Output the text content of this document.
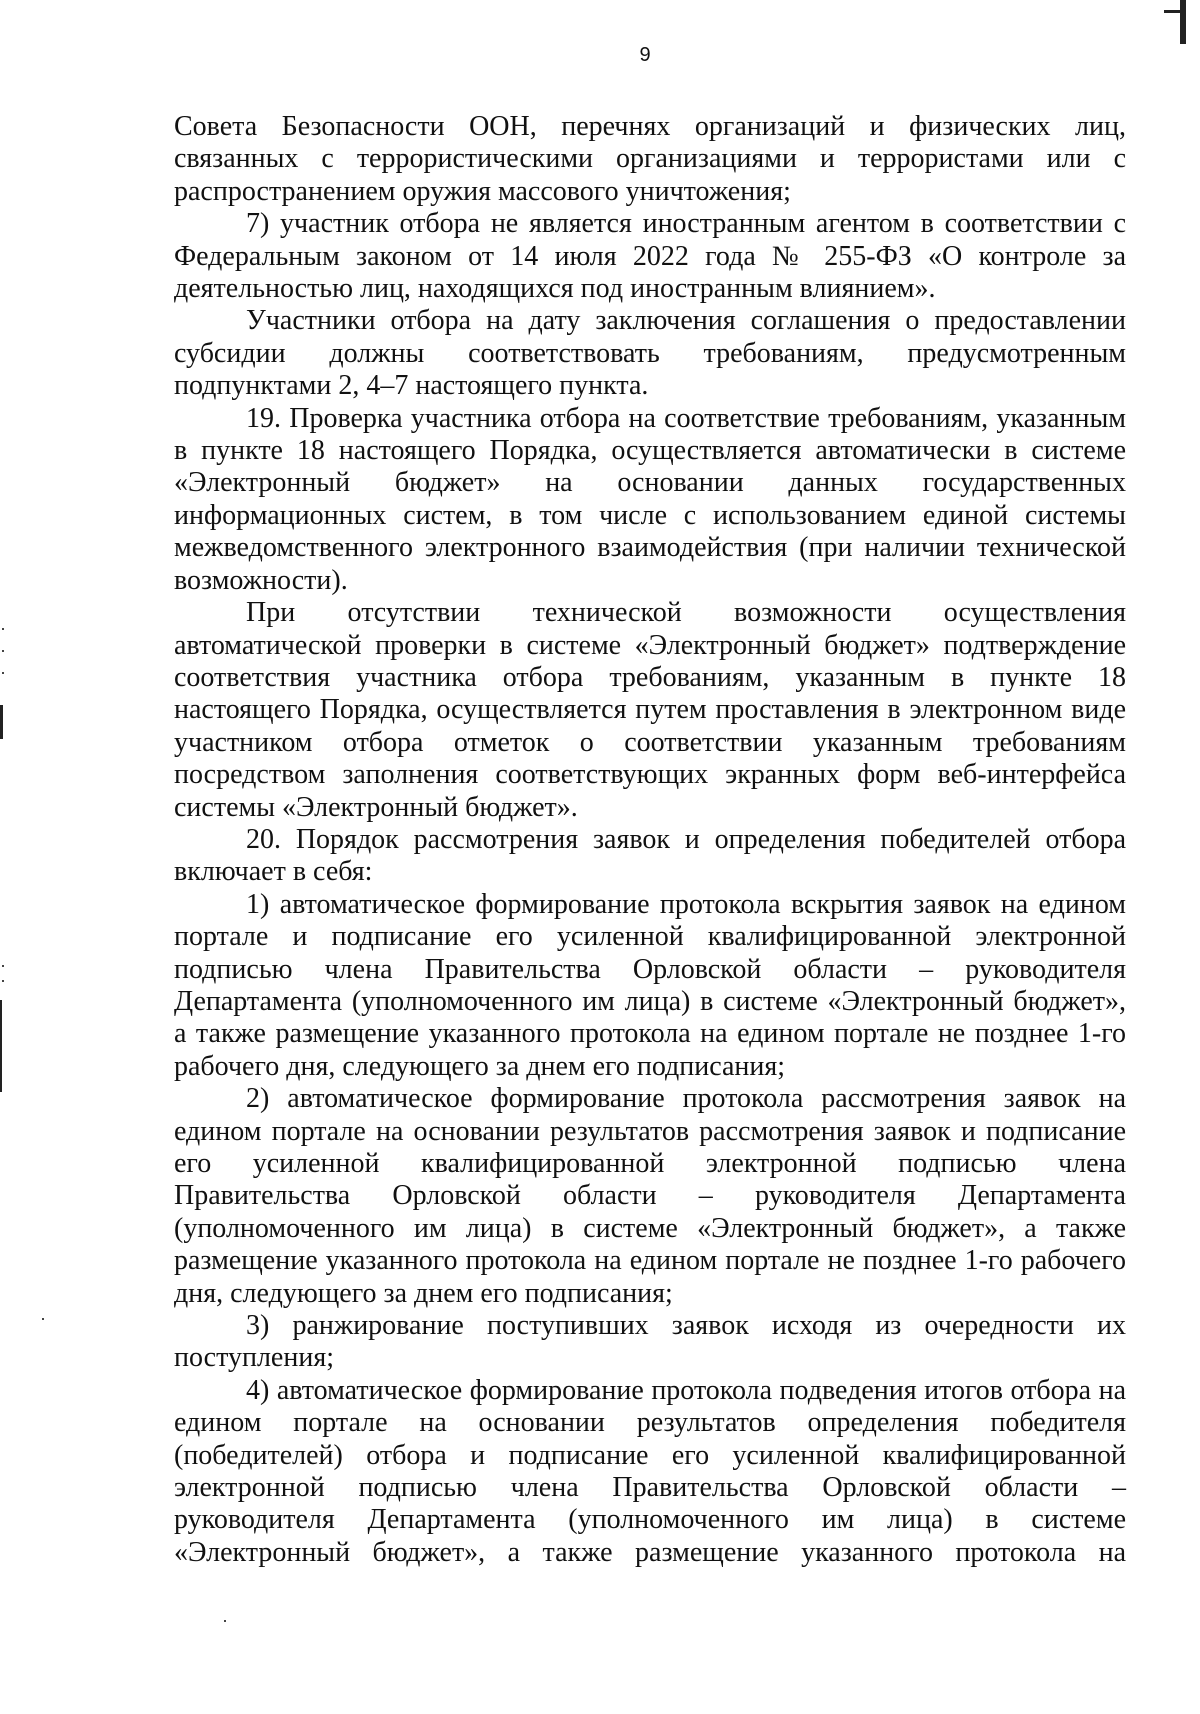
9

Совета Безопасности ООН, перечнях организаций и физических лиц, связанных с террористическими организациями и террористами или с распространением оружия массового уничтожения;

7) участник отбора не является иностранным агентом в соответствии с Федеральным законом от 14 июля 2022 года № 255-ФЗ «О контроле за деятельностью лиц, находящихся под иностранным влиянием».

Участники отбора на дату заключения соглашения о предоставлении субсидии должны соответствовать требованиям, предусмотренным подпунктами 2, 4–7 настоящего пункта.

19. Проверка участника отбора на соответствие требованиям, указанным в пункте 18 настоящего Порядка, осуществляется автоматически в системе «Электронный бюджет» на основании данных государственных информационных систем, в том числе с использованием единой системы межведомственного электронного взаимодействия (при наличии технической возможности).

При отсутствии технической возможности осуществления автоматической проверки в системе «Электронный бюджет» подтверждение соответствия участника отбора требованиям, указанным в пункте 18 настоящего Порядка, осуществляется путем проставления в электронном виде участником отбора отметок о соответствии указанным требованиям посредством заполнения соответствующих экранных форм веб-интерфейса системы «Электронный бюджет».

20. Порядок рассмотрения заявок и определения победителей отбора включает в себя:

1) автоматическое формирование протокола вскрытия заявок на едином портале и подписание его усиленной квалифицированной электронной подписью члена Правительства Орловской области – руководителя Департамента (уполномоченного им лица) в системе «Электронный бюджет», а также размещение указанного протокола на едином портале не позднее 1-го рабочего дня, следующего за днем его подписания;

2) автоматическое формирование протокола рассмотрения заявок на едином портале на основании результатов рассмотрения заявок и подписание его усиленной квалифицированной электронной подписью члена Правительства Орловской области – руководителя Департамента (уполномоченного им лица) в системе «Электронный бюджет», а также размещение указанного протокола на едином портале не позднее 1-го рабочего дня, следующего за днем его подписания;

3) ранжирование поступивших заявок исходя из очередности их поступления;

4) автоматическое формирование протокола подведения итогов отбора на едином портале на основании результатов определения победителя (победителей) отбора и подписание его усиленной квалифицированной электронной подписью члена Правительства Орловской области – руководителя Департамента (уполномоченного им лица) в системе «Электронный бюджет», а также размещение указанного протокола на
